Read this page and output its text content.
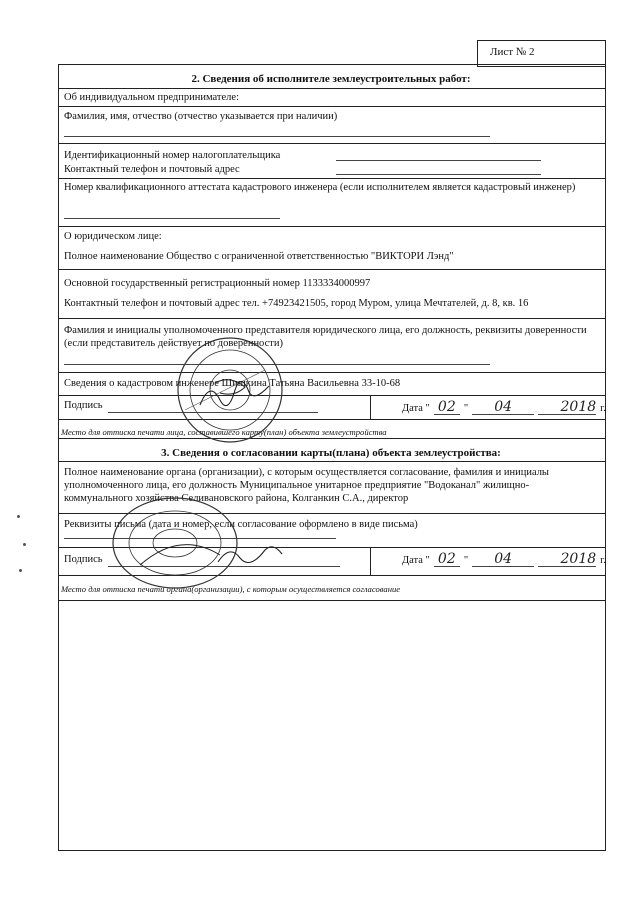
Лист № 2
2. Сведения об исполнителе землеустроительных работ:
Об индивидуальном предпринимателе:
Фамилия, имя, отчество (отчество указывается при наличии)
Идентификационный номер налогоплательщика
Контактный телефон и почтовый адрес
Номер квалификационного аттестата кадастрового инженера (если исполнителем является кадастровый инженер)
О юридическом лице:
Полное наименование Общество с ограниченной ответственностью "ВИКТОРИ Лэнд"
Основной государственный регистрационный номер 1133334000997
Контактный телефон и почтовый адрес тел. +74923421505, город Муром, улица Мечтателей, д. 8, кв. 16
Фамилия и инициалы уполномоченного представителя юридического лица, его должность, реквизиты доверенности (если представитель действует по доверенности)
Сведения о кадастровом инженере Шишкина Татьяна Васильевна 33-10-68
Подпись	Дата " 02 "	04	2018 г.
Место для оттиска печати лица, составившего карту(план) объекта землеустройства
3. Сведения о согласовании карты(плана) объекта землеустройства:
Полное наименование органа (организации), с которым осуществляется согласование, фамилия и инициалы уполномоченного лица, его должность Муниципальное унитарное предприятие "Водоканал" жилищно-коммунального хозяйства Селивановского района, Колганкин С.А., директор
Реквизиты письма (дата и номер, если согласование оформлено в виде письма)
Подпись	Дата " 02 "	04	2018 г.
Место для оттиска печати органа(организации), с которым осуществляется согласование
